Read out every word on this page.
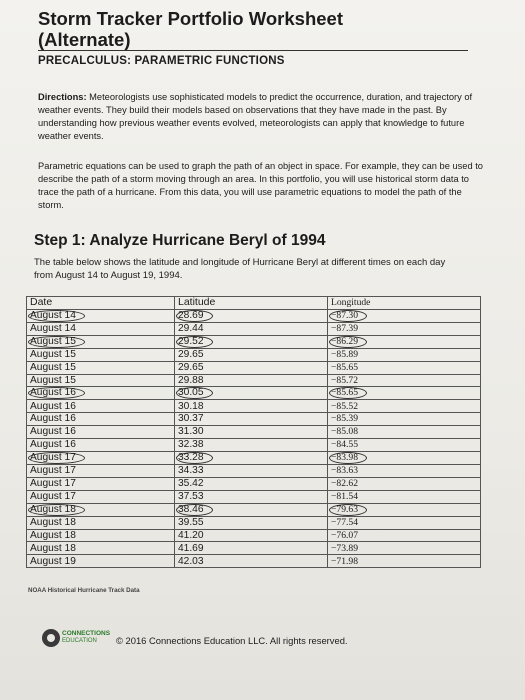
Storm Tracker Portfolio Worksheet
(Alternate)
PRECALCULUS: PARAMETRIC FUNCTIONS
Directions: Meteorologists use sophisticated models to predict the occurrence, duration, and trajectory of weather events. They build their models based on observations that they have made in the past. By understanding how previous weather events evolved, meteorologists can apply that knowledge to future weather events.
Parametric equations can be used to graph the path of an object in space. For example, they can be used to describe the path of a storm moving through an area. In this portfolio, you will use historical storm data to trace the path of a hurricane. From this data, you will use parametric equations to model the path of the storm.
Step 1: Analyze Hurricane Beryl of 1994
The table below shows the latitude and longitude of Hurricane Beryl at different times on each day from August 14 to August 19, 1994.
Date	Latitude	Longitude
August 14	28.69	−87.30
August 14	29.44	−87.39
August 15	29.52	−86.29
August 15	29.65	−85.89
August 15	29.65	−85.65
August 15	29.88	−85.72
August 16	30.05	−85.65
August 16	30.18	−85.52
August 16	30.37	−85.39
August 16	31.30	−85.08
August 16	32.38	−84.55
August 17	33.28	−83.98
August 17	34.33	−83.63
August 17	35.42	−82.62
August 17	37.53	−81.54
August 18	38.46	−79.63
August 18	39.55	−77.54
August 18	41.20	−76.07
August 18	41.69	−73.89
August 19	42.03	−71.98
NOAA Historical Hurricane Track Data
CONNECTIONS
EDUCATION © 2016 Connections Education LLC. All rights reserved.
